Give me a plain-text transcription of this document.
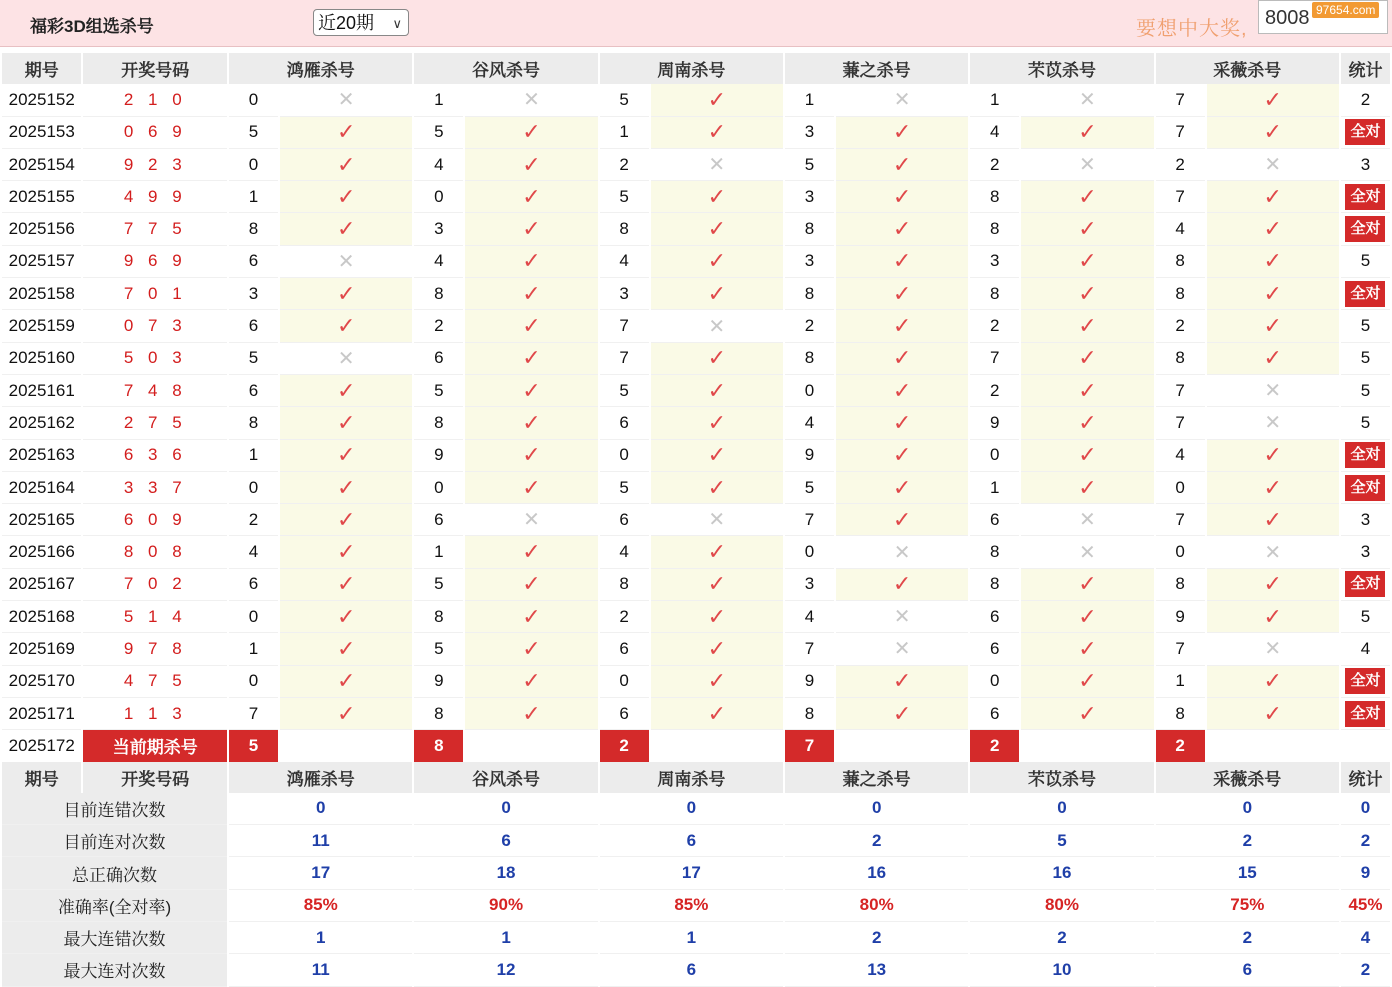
福彩3D组选杀号	近20期 ∨	要想中大奖, 8008 97654.com
期号	开奖号码	鸿雁杀号		谷风杀号		周南杀号		蒹之杀号		芣苡杀号		采薇杀号		统计
2025152	2 1 0	0	✕	1	✕	5	✓	1	✕	1	✕	7	✓	2
2025153	0 6 9	5	✓	5	✓	1	✓	3	✓	4	✓	7	✓	全对
2025154	9 2 3	0	✓	4	✓	2	✕	5	✓	2	✕	2	✕	3
2025155	4 9 9	1	✓	0	✓	5	✓	3	✓	8	✓	7	✓	全对
2025156	7 7 5	8	✓	3	✓	8	✓	8	✓	8	✓	4	✓	全对
2025157	9 6 9	6	✕	4	✓	4	✓	3	✓	3	✓	8	✓	5
2025158	7 0 1	3	✓	8	✓	3	✓	8	✓	8	✓	8	✓	全对
2025159	0 7 3	6	✓	2	✓	7	✕	2	✓	2	✓	2	✓	5
2025160	5 0 3	5	✕	6	✓	7	✓	8	✓	7	✓	8	✓	5
2025161	7 4 8	6	✓	5	✓	5	✓	0	✓	2	✓	7	✕	5
2025162	2 7 5	8	✓	8	✓	6	✓	4	✓	9	✓	7	✕	5
2025163	6 3 6	1	✓	9	✓	0	✓	9	✓	0	✓	4	✓	全对
2025164	3 3 7	0	✓	0	✓	5	✓	5	✓	1	✓	0	✓	全对
2025165	6 0 9	2	✓	6	✕	6	✕	7	✓	6	✕	7	✓	3
2025166	8 0 8	4	✓	1	✓	4	✓	0	✕	8	✕	0	✕	3
2025167	7 0 2	6	✓	5	✓	8	✓	3	✓	8	✓	8	✓	全对
2025168	5 1 4	0	✓	8	✓	2	✓	4	✕	6	✓	9	✓	5
2025169	9 7 8	1	✓	5	✓	6	✓	7	✕	6	✓	7	✕	4
2025170	4 7 5	0	✓	9	✓	0	✓	9	✓	0	✓	1	✓	全对
2025171	1 1 3	7	✓	8	✓	6	✓	8	✓	6	✓	8	✓	全对
2025172	当前期杀号	5		8		2		7		2		2		
期号	开奖号码	鸿雁杀号		谷风杀号		周南杀号		蒹之杀号		芣苡杀号		采薇杀号		统计
目前连错次数		0		0		0		0		0		0		0
目前连对次数		11		6		6		2		5		2		2
总正确次数		17		18		17		16		16		15		9
准确率(全对率)		85%		90%		85%		80%		80%		75%		45%
最大连错次数		1		1		1		2		2		2		4
最大连对次数		11		12		6		13		10		6		2
